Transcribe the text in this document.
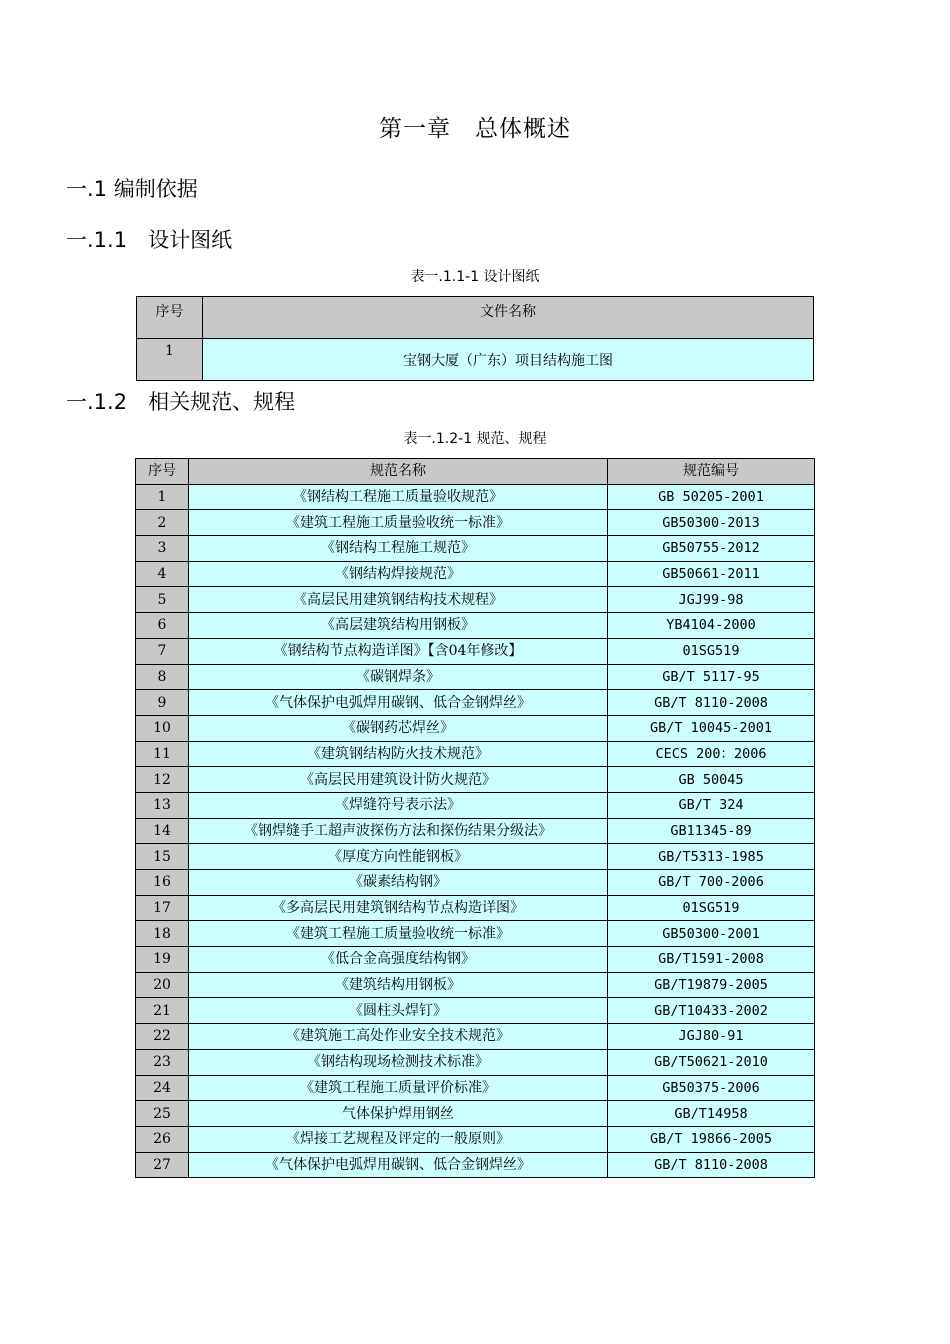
第一章　总体概述
一.1 编制依据
一.1.1　设计图纸
表一.1.1-1 设计图纸
序号	文件名称
1	宝钢大厦（广东）项目结构施工图
一.1.2　相关规范、规程
表一.1.2-1 规范、规程
序号	规范名称	规范编号
1	《钢结构工程施工质量验收规范》	GB 50205-2001
2	《建筑工程施工质量验收统一标准》	GB50300-2013
3	《钢结构工程施工规范》	GB50755-2012
4	《钢结构焊接规范》	GB50661-2011
5	《高层民用建筑钢结构技术规程》	JGJ99-98
6	《高层建筑结构用钢板》	YB4104-2000
7	《钢结构节点构造详图》【含04年修改】	01SG519
8	《碳钢焊条》	GB/T 5117-95
9	《气体保护电弧焊用碳钢、低合金钢焊丝》	GB/T 8110-2008
10	《碳钢药芯焊丝》	GB/T 10045-2001
11	《建筑钢结构防火技术规范》	CECS 200：2006
12	《高层民用建筑设计防火规范》	GB 50045
13	《焊缝符号表示法》	GB/T 324
14	《钢焊缝手工超声波探伤方法和探伤结果分级法》	GB11345-89
15	《厚度方向性能钢板》	GB/T5313-1985
16	《碳素结构钢》	GB/T 700-2006
17	《多高层民用建筑钢结构节点构造详图》	01SG519
18	《建筑工程施工质量验收统一标准》	GB50300-2001
19	《低合金高强度结构钢》	GB/T1591-2008
20	《建筑结构用钢板》	GB/T19879-2005
21	《圆柱头焊钉》	GB/T10433-2002
22	《建筑施工高处作业安全技术规范》	JGJ80-91
23	《钢结构现场检测技术标准》	GB/T50621-2010
24	《建筑工程施工质量评价标准》	GB50375-2006
25	气体保护焊用钢丝	GB/T14958
26	《焊接工艺规程及评定的一般原则》	GB/T 19866-2005
27	《气体保护电弧焊用碳钢、低合金钢焊丝》	GB/T 8110-2008
